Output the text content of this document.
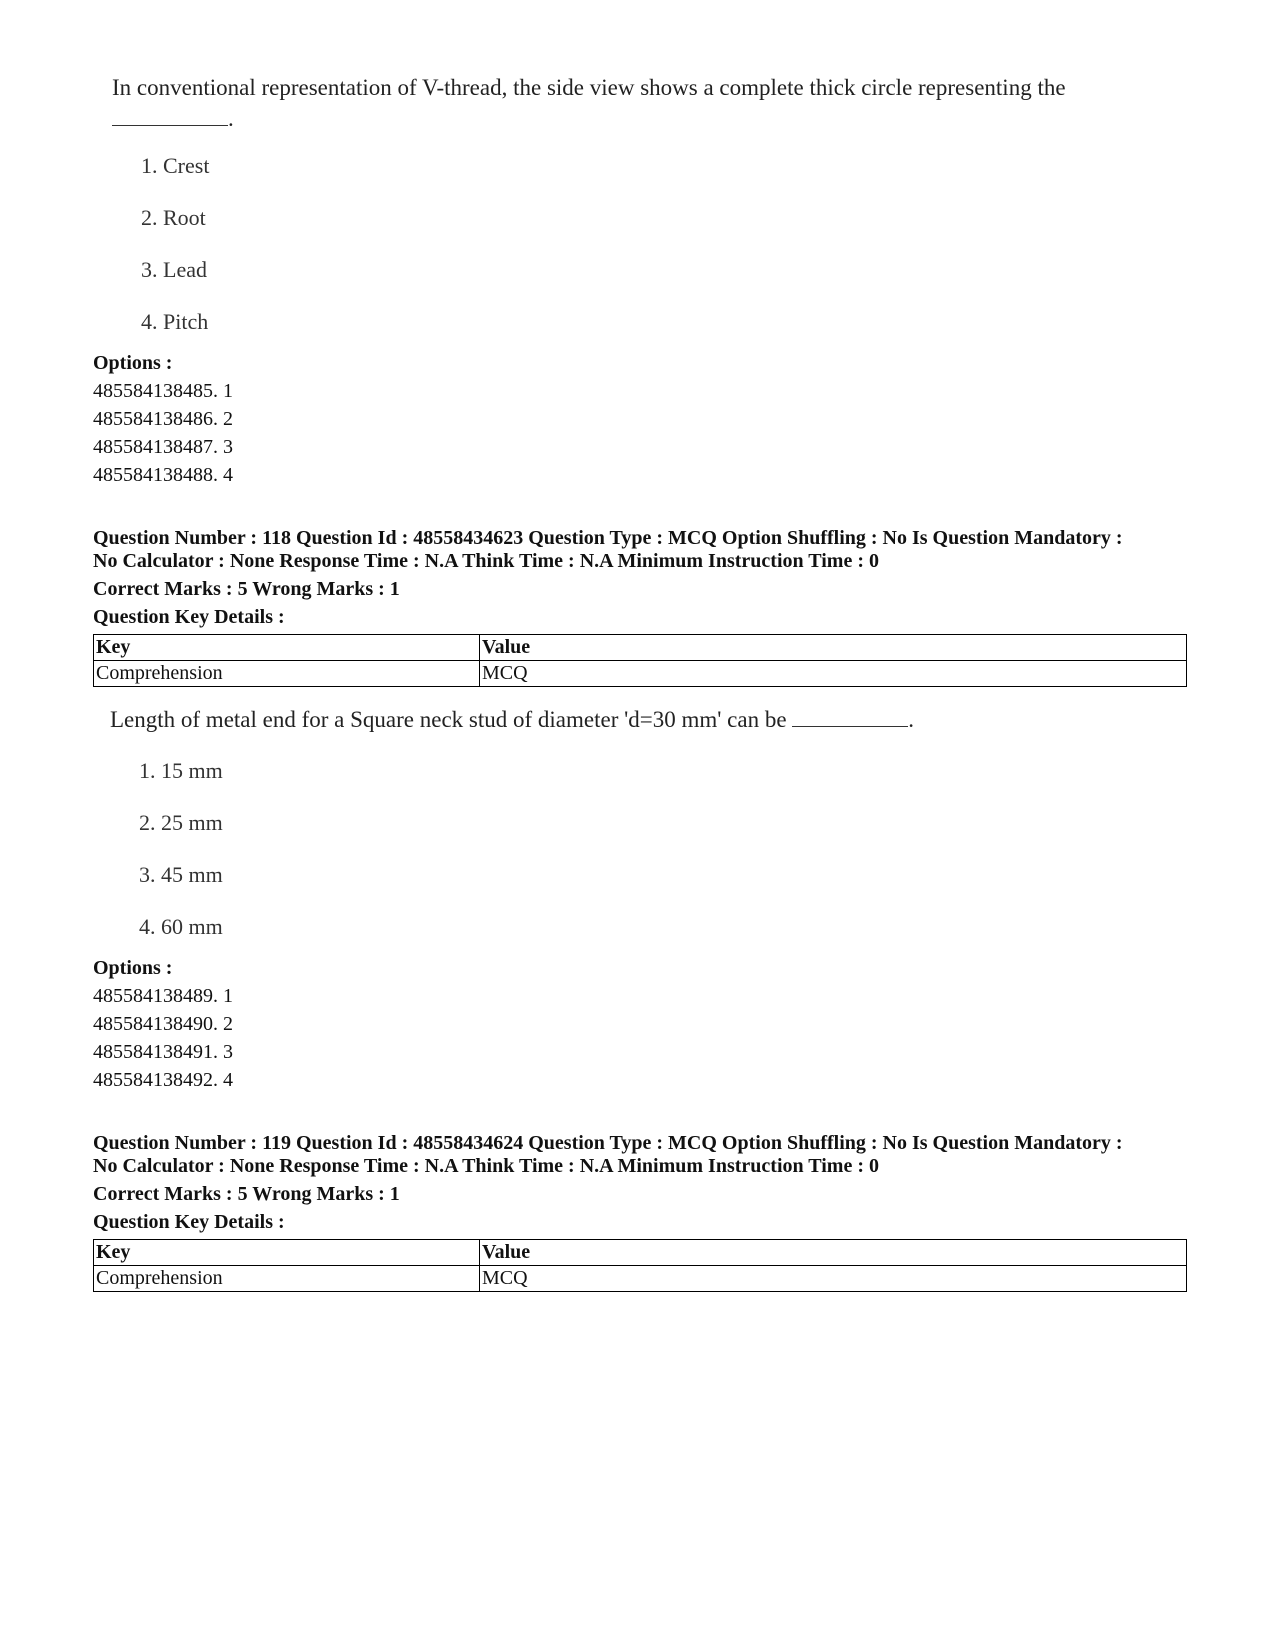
In conventional representation of V-thread, the side view shows a complete thick circle representing the
.
1. Crest
2. Root
3. Lead
4. Pitch
Options :
485584138485. 1
485584138486. 2
485584138487. 3
485584138488. 4
Question Number : 118 Question Id : 48558434623 Question Type : MCQ Option Shuffling : No Is Question Mandatory :
No Calculator : None Response Time : N.A Think Time : N.A Minimum Instruction Time : 0
Correct Marks : 5 Wrong Marks : 1
Question Key Details :
Key	Value
Comprehension	MCQ
Length of metal end for a Square neck stud of diameter 'd=30 mm' can be	.
1. 15 mm
2. 25 mm
3. 45 mm
4. 60 mm
Options :
485584138489. 1
485584138490. 2
485584138491. 3
485584138492. 4
Question Number : 119 Question Id : 48558434624 Question Type : MCQ Option Shuffling : No Is Question Mandatory :
No Calculator : None Response Time : N.A Think Time : N.A Minimum Instruction Time : 0
Correct Marks : 5 Wrong Marks : 1
Question Key Details :
Key	Value
Comprehension	MCQ
